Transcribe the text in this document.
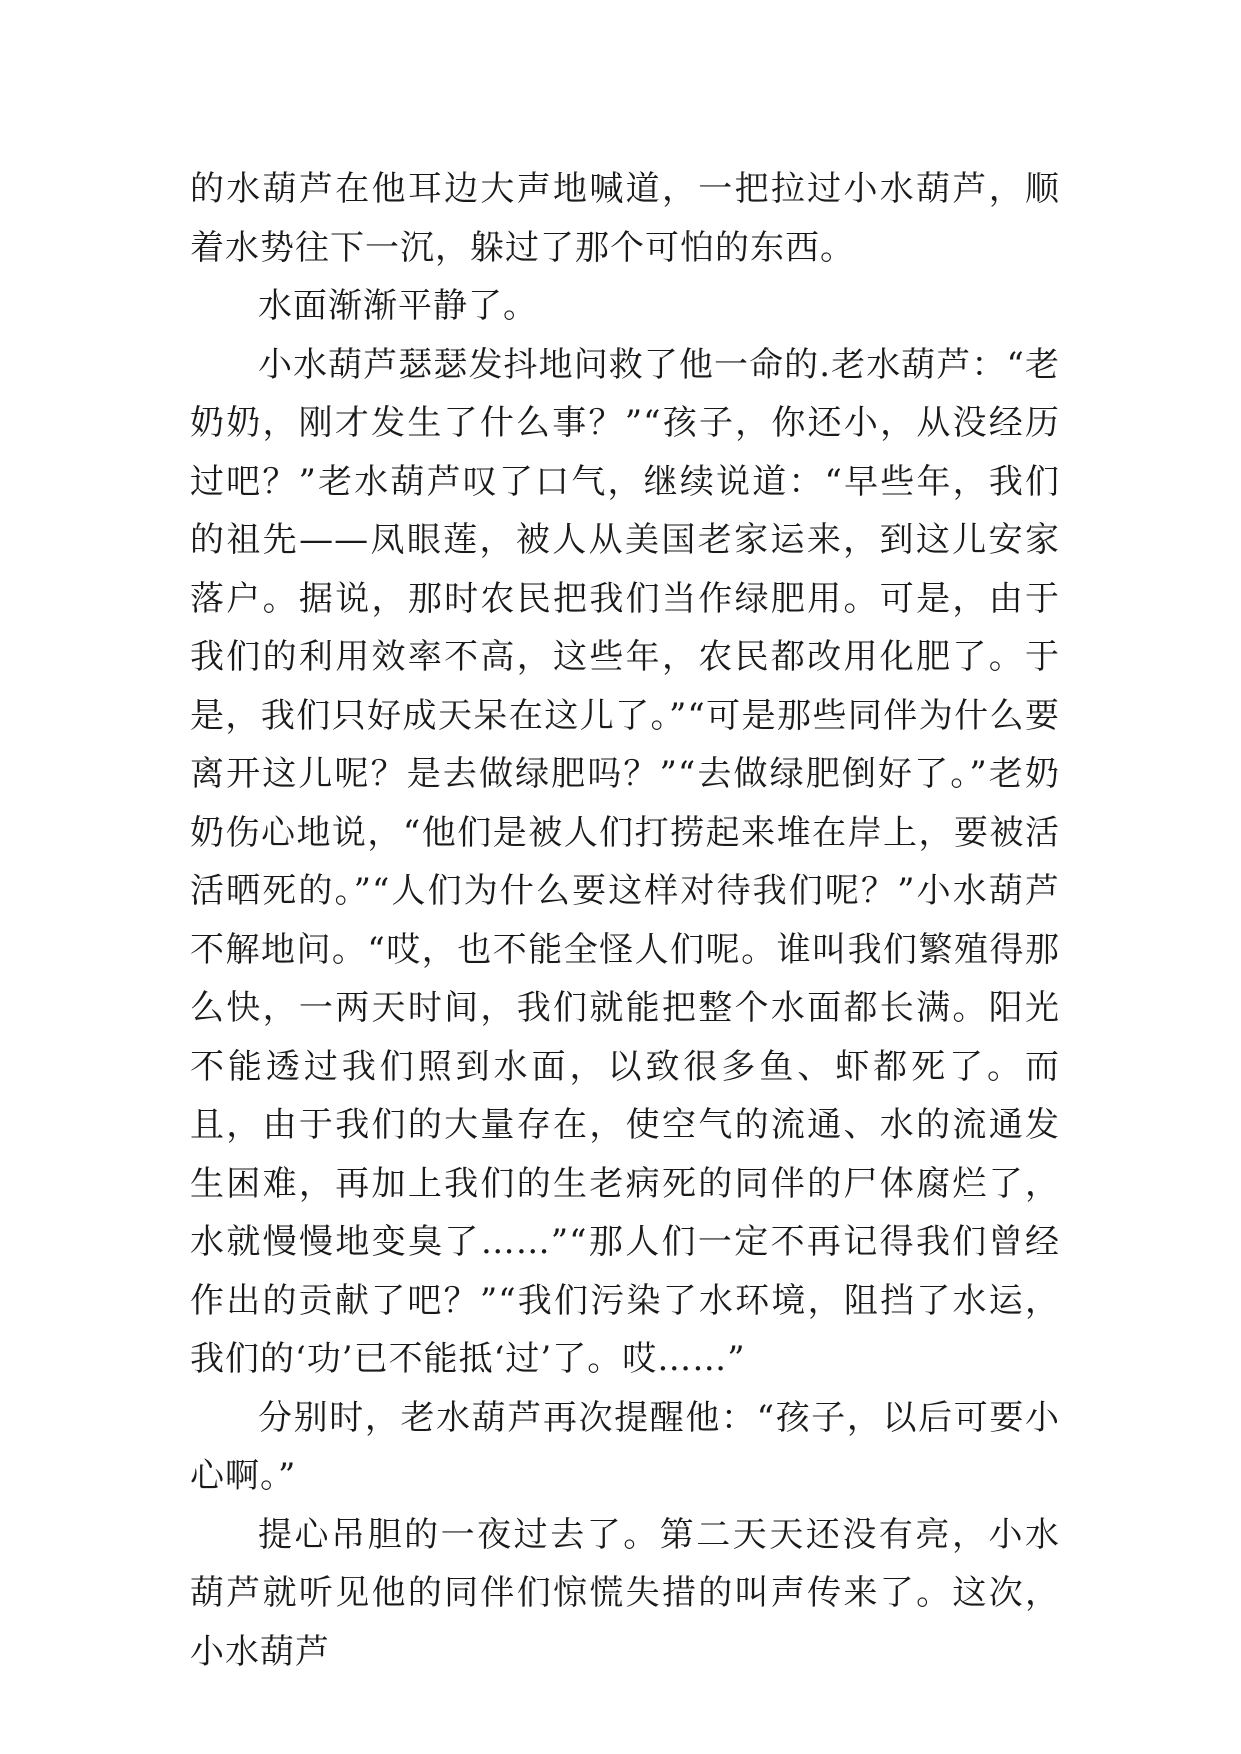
的水葫芦在他耳边大声地喊道，一把拉过小水葫芦，顺着水势往下一沉，躲过了那个可怕的东西。

水面渐渐平静了。

小水葫芦瑟瑟发抖地问救了他一命的.老水葫芦：“老奶奶，刚才发生了什么事？”“孩子，你还小，从没经历过吧？”老水葫芦叹了口气，继续说道：“早些年，我们的祖先——凤眼莲，被人从美国老家运来，到这儿安家落户。据说，那时农民把我们当作绿肥用。可是，由于我们的利用效率不高，这些年，农民都改用化肥了。于是，我们只好成天呆在这儿了。”“可是那些同伴为什么要离开这儿呢？是去做绿肥吗？”“去做绿肥倒好了。”老奶奶伤心地说，“他们是被人们打捞起来堆在岸上，要被活活晒死的。”“人们为什么要这样对待我们呢？”小水葫芦不解地问。“哎，也不能全怪人们呢。谁叫我们繁殖得那么快，一两天时间，我们就能把整个水面都长满。阳光不能透过我们照到水面，以致很多鱼、虾都死了。而且，由于我们的大量存在，使空气的流通、水的流通发生困难，再加上我们的生老病死的同伴的尸体腐烂了，水就慢慢地变臭了……”“那人们一定不再记得我们曾经作出的贡献了吧？”“我们污染了水环境，阻挡了水运，我们的‘功’已不能抵‘过’了。哎……”

分别时，老水葫芦再次提醒他：“孩子，以后可要小心啊。”

提心吊胆的一夜过去了。第二天天还没有亮，小水葫芦就听见他的同伴们惊慌失措的叫声传来了。这次，小水葫芦
